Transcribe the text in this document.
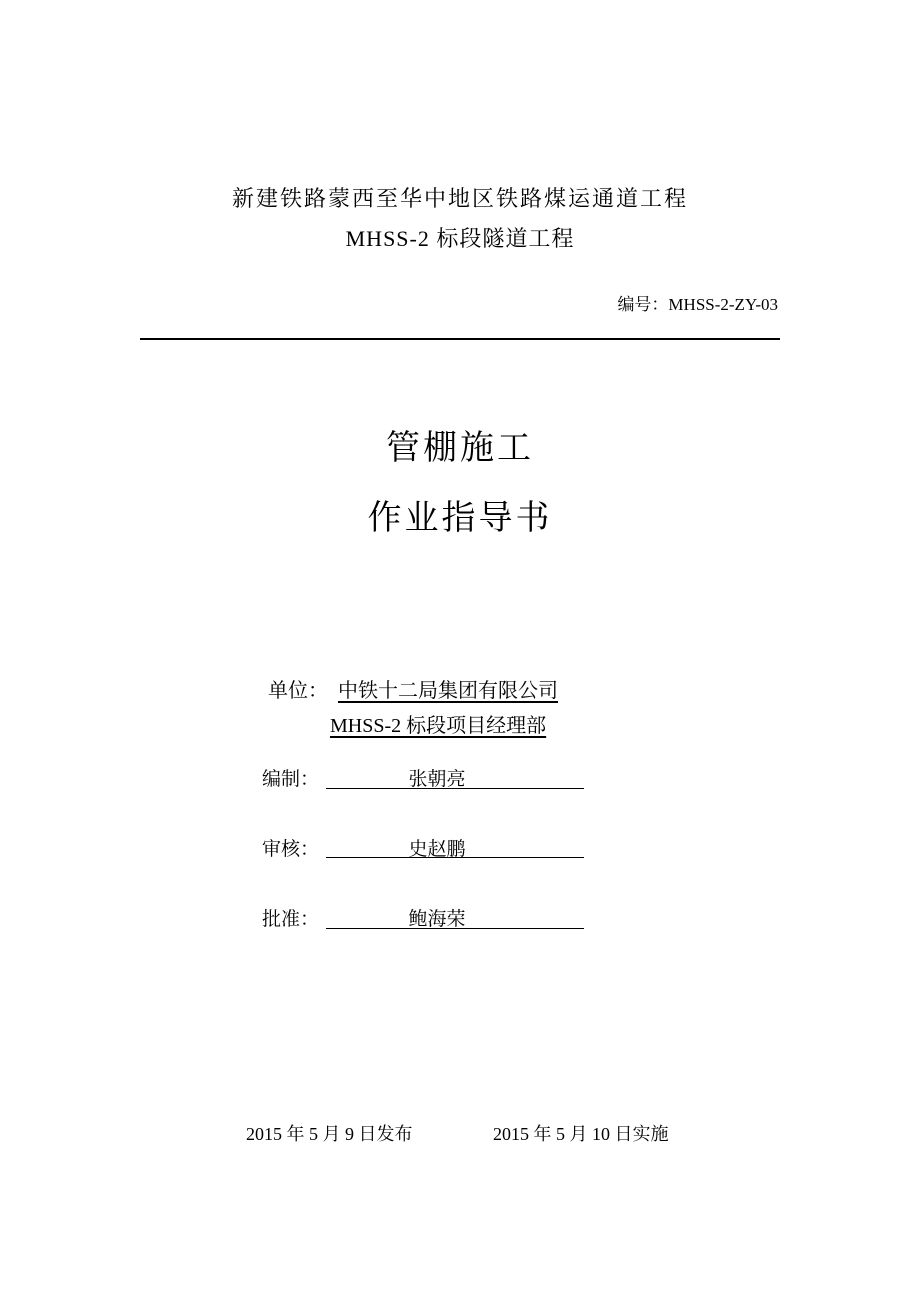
新建铁路蒙西至华中地区铁路煤运通道工程
MHSS-2 标段隧道工程
编号：MHSS-2-ZY-03
管棚施工
作业指导书
单位： 中铁十二局集团有限公司
MHSS-2 标段项目经理部
编制：	张朝亮
审核：	史赵鹏
批准：	鲍海荣
2015 年 5 月 9 日发布	2015 年 5 月 10 日实施
